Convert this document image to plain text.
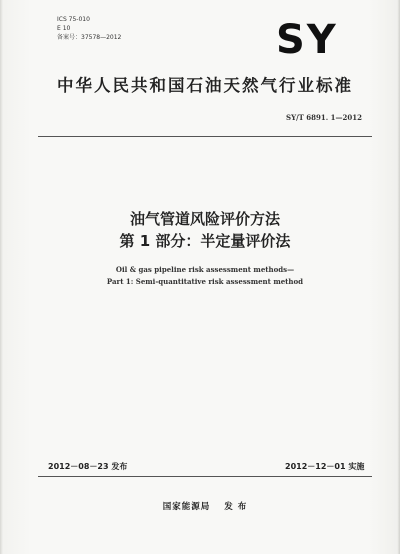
ICS 75-010
E 10
备案号：37578—2012	SY
中华人民共和国石油天然气行业标准
SY/T 6891. 1—2012
油气管道风险评价方法
第 1 部分：半定量评价法
Oil & gas pipeline risk assessment methods—
Part 1: Semi-quantitative risk assessment method
2012－08－23 发布	2012－12－01 实施
国家能源局 发 布
